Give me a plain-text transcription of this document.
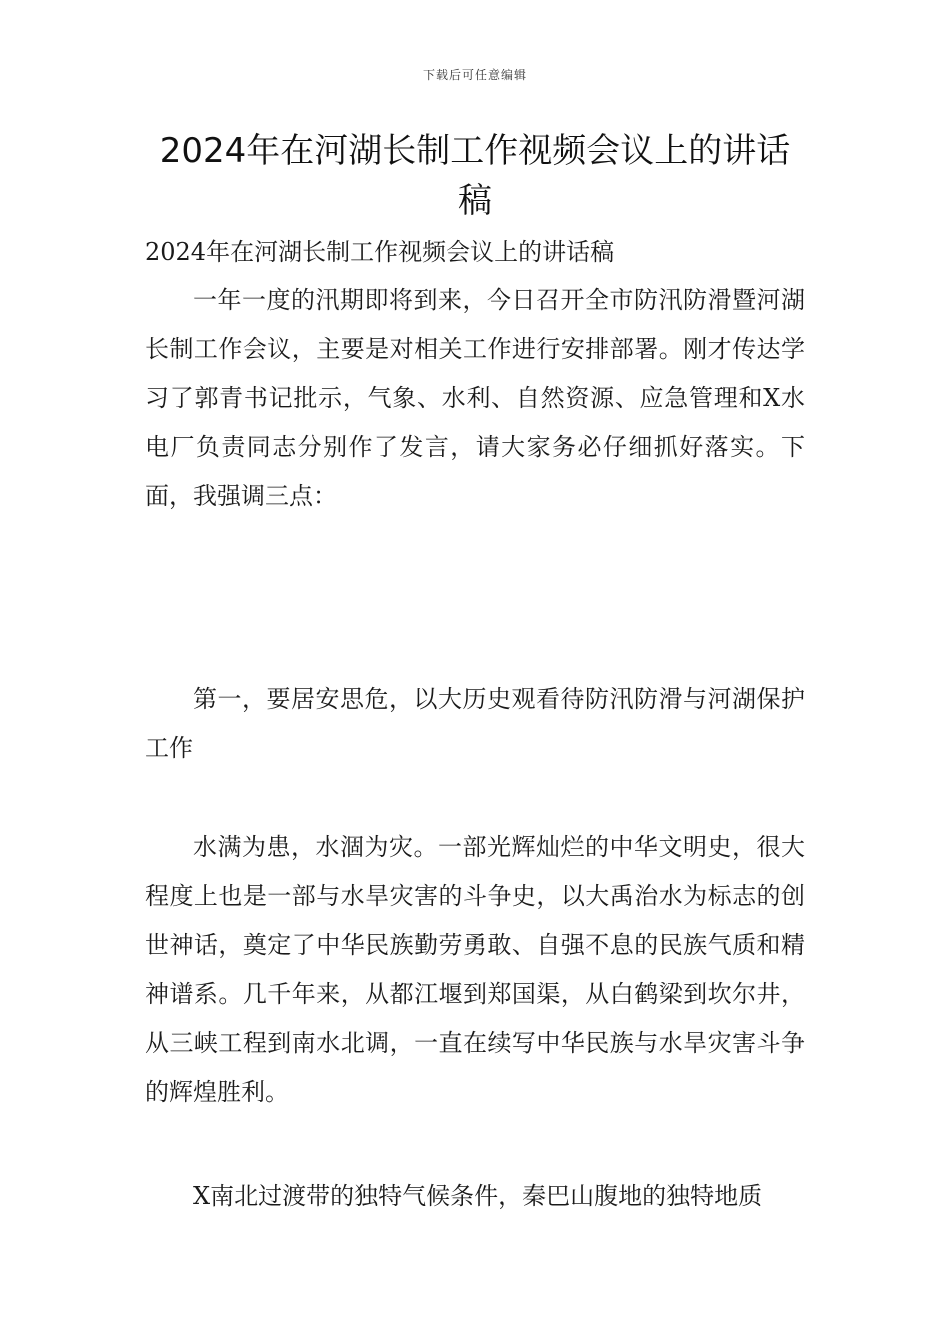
下载后可任意编辑
2024年在河湖长制工作视频会议上的讲话稿

2024年在河湖长制工作视频会议上的讲话稿

一年一度的汛期即将到来，今日召开全市防汛防滑暨河湖长制工作会议，主要是对相关工作进行安排部署。刚才传达学习了郭青书记批示，气象、水利、自然资源、应急管理和X水电厂负责同志分别作了发言，请大家务必仔细抓好落实。下面，我强调三点：

第一，要居安思危，以大历史观看待防汛防滑与河湖保护工作

水满为患，水涸为灾。一部光辉灿烂的中华文明史，很大程度上也是一部与水旱灾害的斗争史，以大禹治水为标志的创世神话，奠定了中华民族勤劳勇敢、自强不息的民族气质和精神谱系。几千年来，从都江堰到郑国渠，从白鹤梁到坎尔井，从三峡工程到南水北调，一直在续写中华民族与水旱灾害斗争的辉煌胜利。

X南北过渡带的独特气候条件，秦巴山腹地的独特地质
